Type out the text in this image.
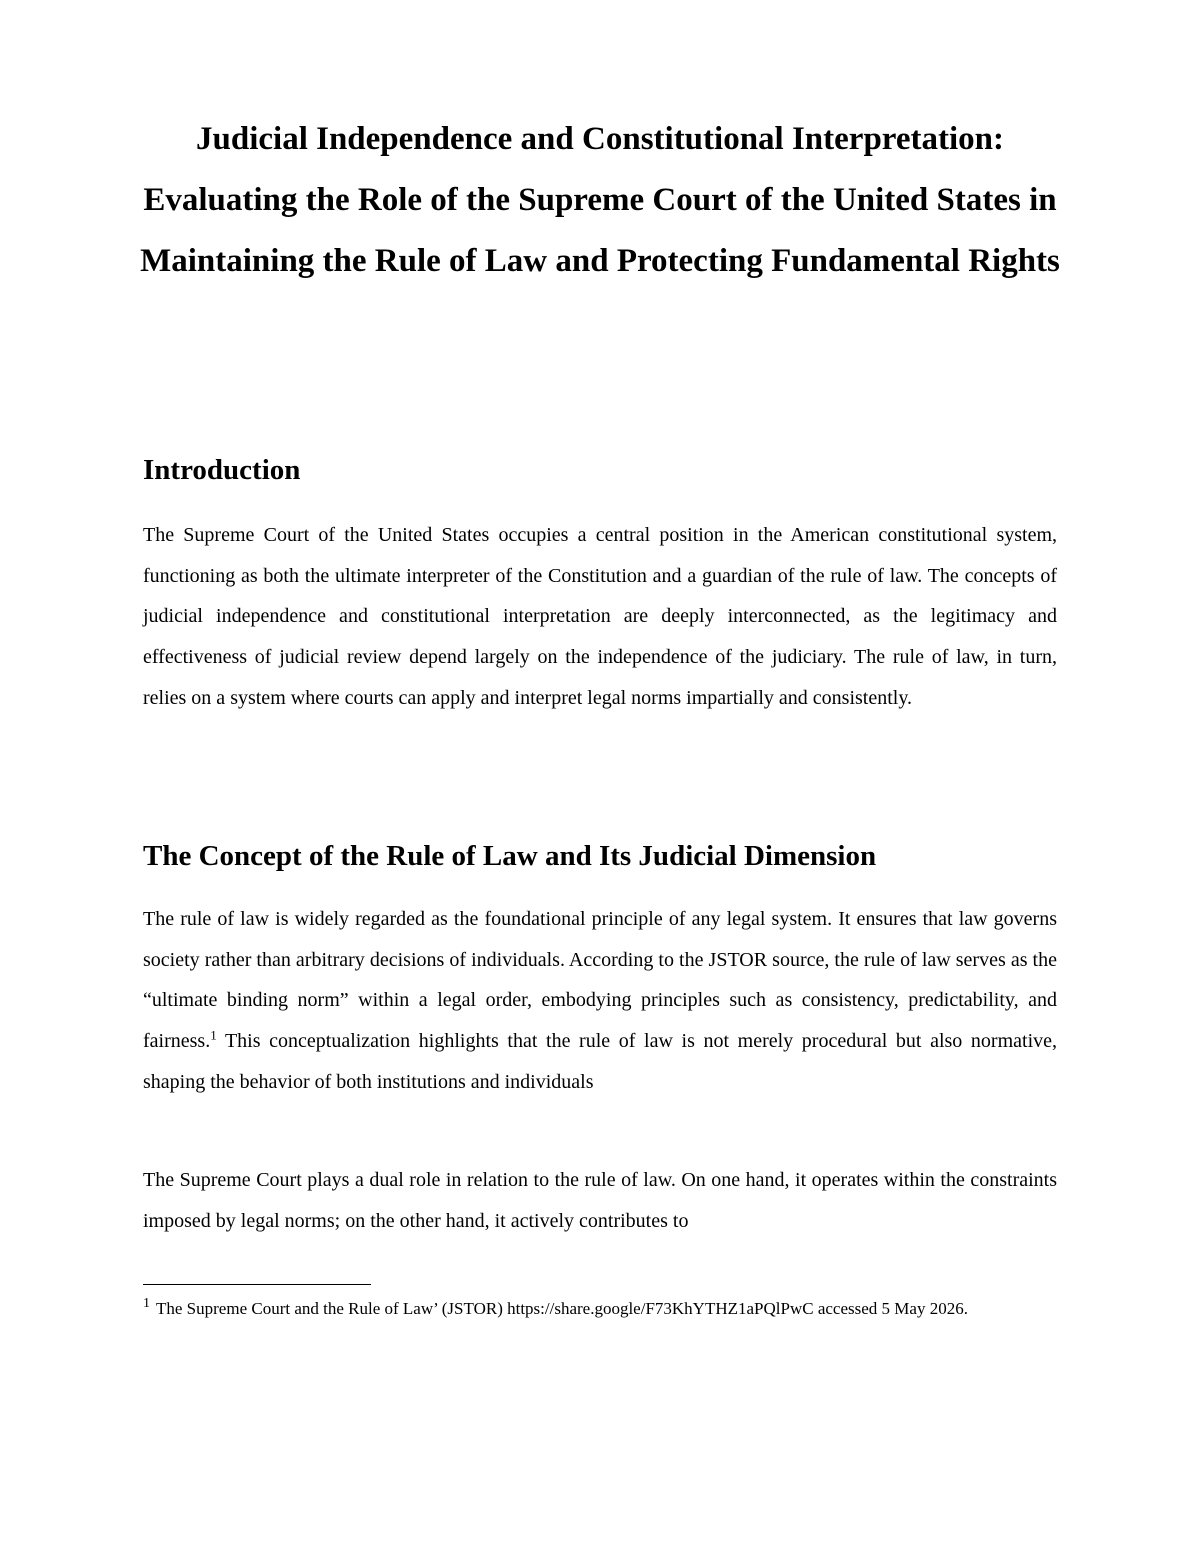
Judicial Independence and Constitutional Interpretation: Evaluating the Role of the Supreme Court of the United States in Maintaining the Rule of Law and Protecting Fundamental Rights
Introduction

The Supreme Court of the United States occupies a central position in the American constitutional system, functioning as both the ultimate interpreter of the Constitution and a guardian of the rule of law. The concepts of judicial independence and constitutional interpretation are deeply interconnected, as the legitimacy and effectiveness of judicial review depend largely on the independence of the judiciary. The rule of law, in turn, relies on a system where courts can apply and interpret legal norms impartially and consistently.

The Concept of the Rule of Law and Its Judicial Dimension

The rule of law is widely regarded as the foundational principle of any legal system. It ensures that law governs society rather than arbitrary decisions of individuals. According to the JSTOR source, the rule of law serves as the “ultimate binding norm” within a legal order, embodying principles such as consistency, predictability, and fairness.$^1$ This conceptualization highlights that the rule of law is not merely procedural but also normative, shaping the behavior of both institutions and individuals

The Supreme Court plays a dual role in relation to the rule of law. On one hand, it operates within the constraints imposed by legal norms; on the other hand, it actively contributes to

$^1$ The Supreme Court and the Rule of Law’ (JSTOR) https://share.google/F73KhYTHZ1aPQlPwC accessed 5 May 2026.
